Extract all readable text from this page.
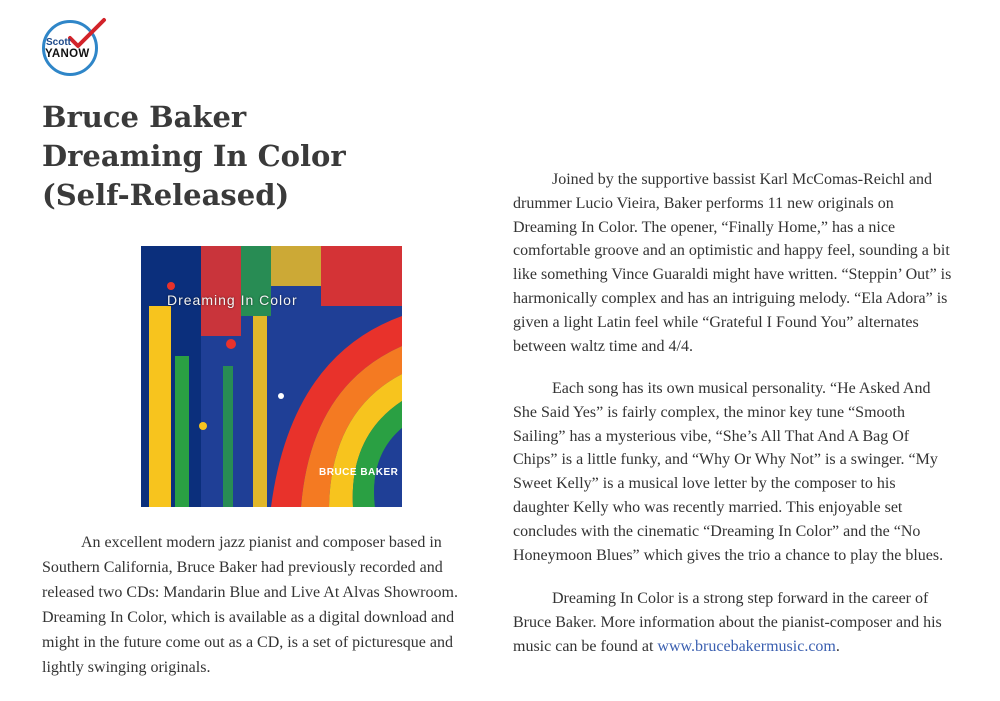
Scott
YANOW
Bruce Baker
Dreaming In Color
(Self-Released)
Dreaming In Color
BRUCE BAKER

An excellent modern jazz pianist and composer based in Southern California, Bruce Baker had previously recorded and released two CDs: Mandarin Blue and Live At Alvas Showroom. Dreaming In Color, which is available as a digital download and might in the future come out as a CD, is a set of picturesque and lightly swinging originals.

Joined by the supportive bassist Karl McComas-Reichl and drummer Lucio Vieira, Baker performs 11 new originals on Dreaming In Color. The opener, “Finally Home,” has a nice comfortable groove and an optimistic and happy feel, sounding a bit like something Vince Guaraldi might have written. “Steppin’ Out” is harmonically complex and has an intriguing melody. “Ela Adora” is given a light Latin feel while “Grateful I Found You” alternates between waltz time and 4/4.

Each song has its own musical personality. “He Asked And She Said Yes” is fairly complex, the minor key tune “Smooth Sailing” has a mysterious vibe, “She’s All That And A Bag Of Chips” is a little funky, and “Why Or Why Not” is a swinger. “My Sweet Kelly” is a musical love letter by the composer to his daughter Kelly who was recently married. This enjoyable set concludes with the cinematic “Dreaming In Color” and the “No Honeymoon Blues” which gives the trio a chance to play the blues.

Dreaming In Color is a strong step forward in the career of Bruce Baker. More information about the pianist-composer and his music can be found at www.brucebakermusic.com.
